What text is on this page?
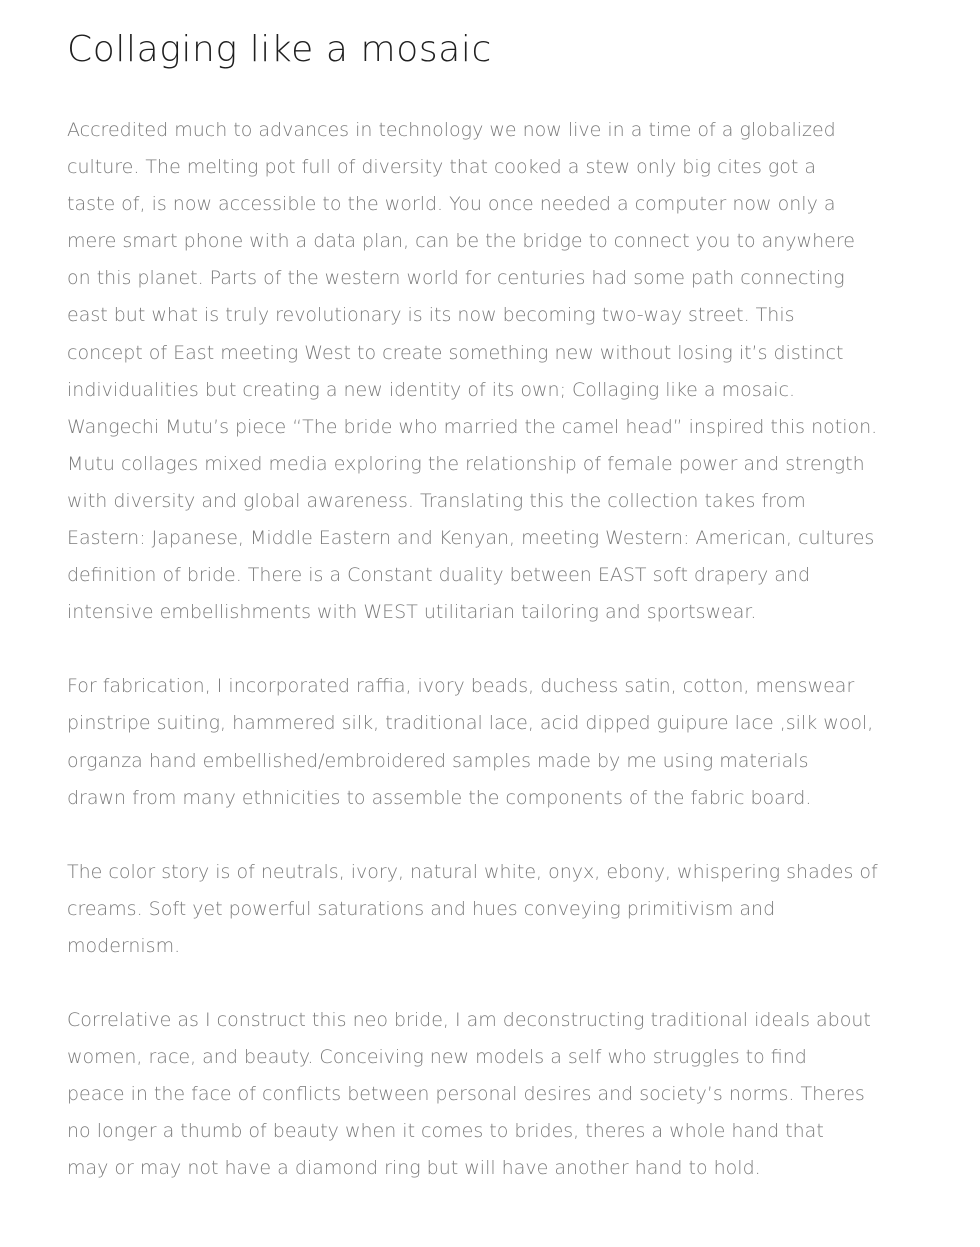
Collaging like a mosaic

Accredited much to advances in technology we now live in a time of a globalized
culture. The melting pot full of diversity that cooked a stew only big cites got a
taste of, is now accessible to the world. You once needed a computer now only a
mere smart phone with a data plan, can be the bridge to connect you to anywhere
on this planet. Parts of the western world for centuries had some path connecting
east but what is truly revolutionary is its now becoming two-way street. This
concept of East meeting West to create something new without losing it’s distinct
individualities but creating a new identity of its own; Collaging like a mosaic.
Wangechi Mutu’s piece “The bride who married the camel head” inspired this notion.
Mutu collages mixed media exploring the relationship of female power and strength
with diversity and global awareness. Translating this the collection takes from
Eastern: Japanese, Middle Eastern and Kenyan, meeting Western: American, cultures
definition of bride. There is a Constant duality between EAST soft drapery and
intensive embellishments with WEST utilitarian tailoring and sportswear.

For fabrication, I incorporated raffia, ivory beads, duchess satin, cotton, menswear
pinstripe suiting, hammered silk, traditional lace, acid dipped guipure lace ,silk wool,
organza hand embellished/embroidered samples made by me using materials
drawn from many ethnicities to assemble the components of the fabric board.

The color story is of neutrals, ivory, natural white, onyx, ebony, whispering shades of
creams. Soft yet powerful saturations and hues conveying primitivism and
modernism.

Correlative as I construct this neo bride, I am deconstructing traditional ideals about
women, race, and beauty. Conceiving new models a self who struggles to find
peace in the face of conflicts between personal desires and society’s norms. Theres
no longer a thumb of beauty when it comes to brides, theres a whole hand that
may or may not have a diamond ring but will have another hand to hold.
